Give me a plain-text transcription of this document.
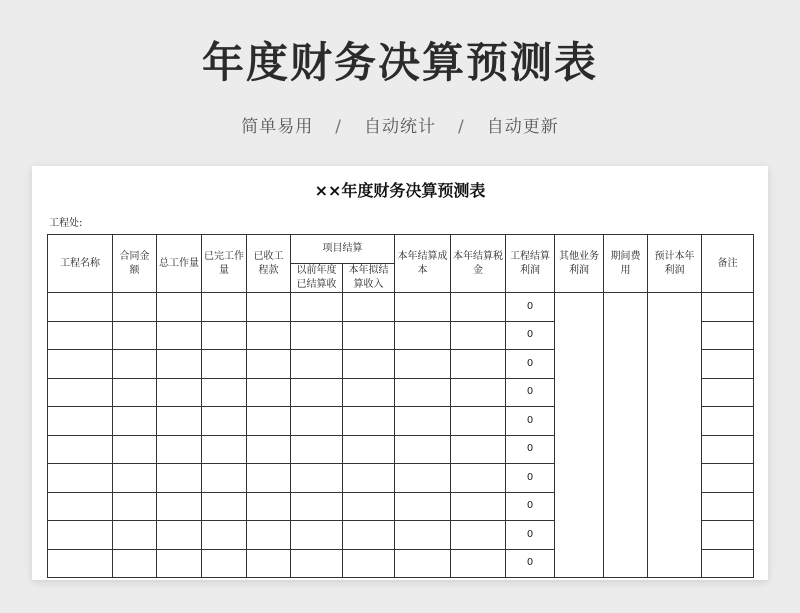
年度财务决算预测表
简单易用 / 自动统计 / 自动更新
××年度财务决算预测表
工程处:
工程名称	合同金额	总工作量	已完工作量	已收工程款	项目结算		本年结算成本	本年结算税金	工程结算利润	其他业务利润	期间费用	预计本年利润	备注
					以前年度已结算收	本年拟结算收入							
									0				
									0				
									0				
									0				
									0				
									0				
									0				
									0				
									0				
									0				
